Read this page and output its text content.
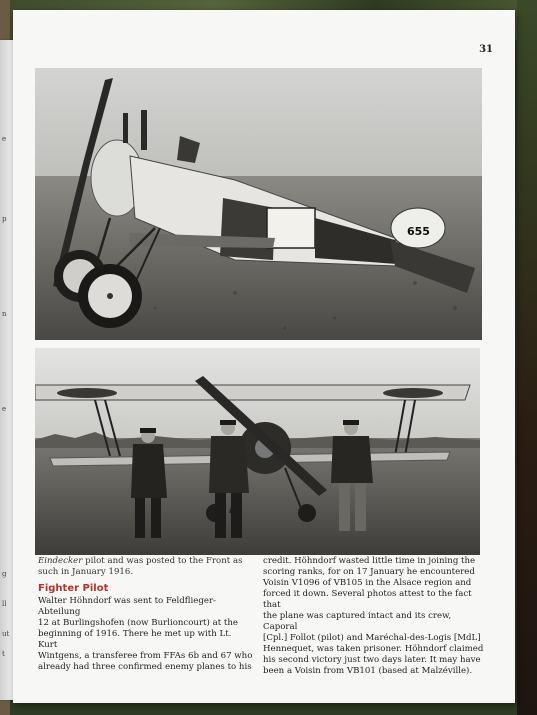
e
p
n
e
g
ll
ut
t
31
655
Eindecker pilot and was posted to the Front as such in January 1916.
Fighter Pilot
Walter Höhndorf was sent to Feldflieger-Abteilung
12 at Burlingshofen (now Burlioncourt) at the
beginning of 1916. There he met up with Lt. Kurt
Wintgens, a transferee from FFAs 6b and 67 who
already had three confirmed enemy planes to his
credit. Höhndorf wasted little time in joining the
scoring ranks, for on 17 January he encountered
Voisin V1096 of VB105 in the Alsace region and
forced it down. Several photos attest to the fact that
the plane was captured intact and its crew, Caporal
[Cpl.] Follot (pilot) and Maréchal-des-Logis [MdL]
Hennequet, was taken prisoner. Höhndorf claimed
his second victory just two days later. It may have
been a Voisin from VB101 (based at Malzéville).
